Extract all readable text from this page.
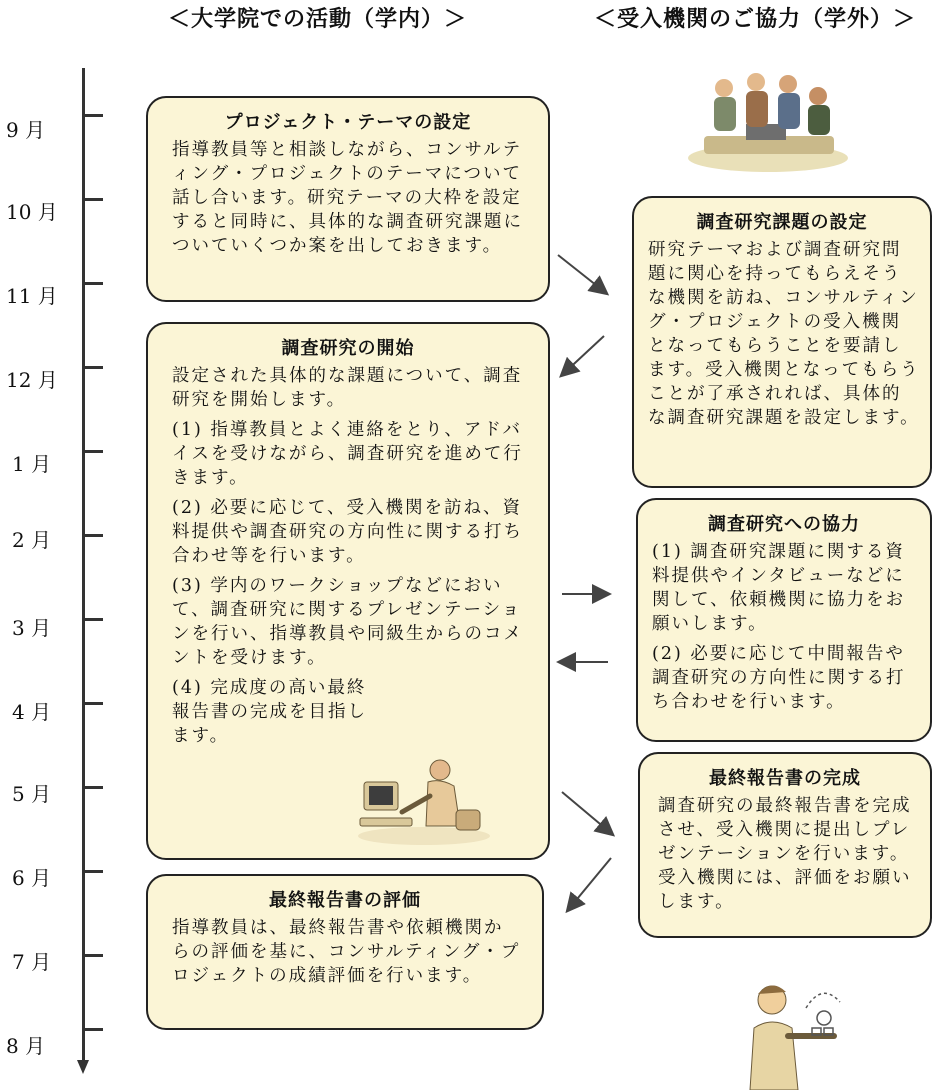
＜大学院での活動（学内）＞	＜受入機関のご協力（学外）＞
9 月
10 月
11 月
12 月
1 月
2 月
3 月
4 月
5 月
6 月
7 月
8 月
プロジェクト・テーマの設定

指導教員等と相談しながら、コンサルティング・プロジェクトのテーマについて話し合います。研究テーマの大枠を設定すると同時に、具体的な調査研究課題についていくつか案を出しておきます。

調査研究の開始

設定された具体的な課題について、調査研究を開始します。

(1) 指導教員とよく連絡をとり、アドバイスを受けながら、調査研究を進めて行きます。

(2) 必要に応じて、受入機関を訪ね、資料提供や調査研究の方向性に関する打ち合わせ等を行います。

(3) 学内のワークショップなどにおいて、調査研究に関するプレゼンテーションを行い、指導教員や同級生からのコメントを受けます。

(4) 完成度の高い最終報告書の完成を目指します。

最終報告書の評価

指導教員は、最終報告書や依頼機関からの評価を基に、コンサルティング・プロジェクトの成績評価を行います。

調査研究課題の設定

研究テーマおよび調査研究問題に関心を持ってもらえそうな機関を訪ね、コンサルティング・プロジェクトの受入機関となってもらうことを要請します。受入機関となってもらうことが了承されれば、具体的な調査研究課題を設定します。

調査研究への協力

(1) 調査研究課題に関する資料提供やインタビューなどに関して、依頼機関に協力をお願いします。

(2) 必要に応じて中間報告や調査研究の方向性に関する打ち合わせを行います。

最終報告書の完成

調査研究の最終報告書を完成させ、受入機関に提出しプレゼンテーションを行います。受入機関には、評価をお願いします。
